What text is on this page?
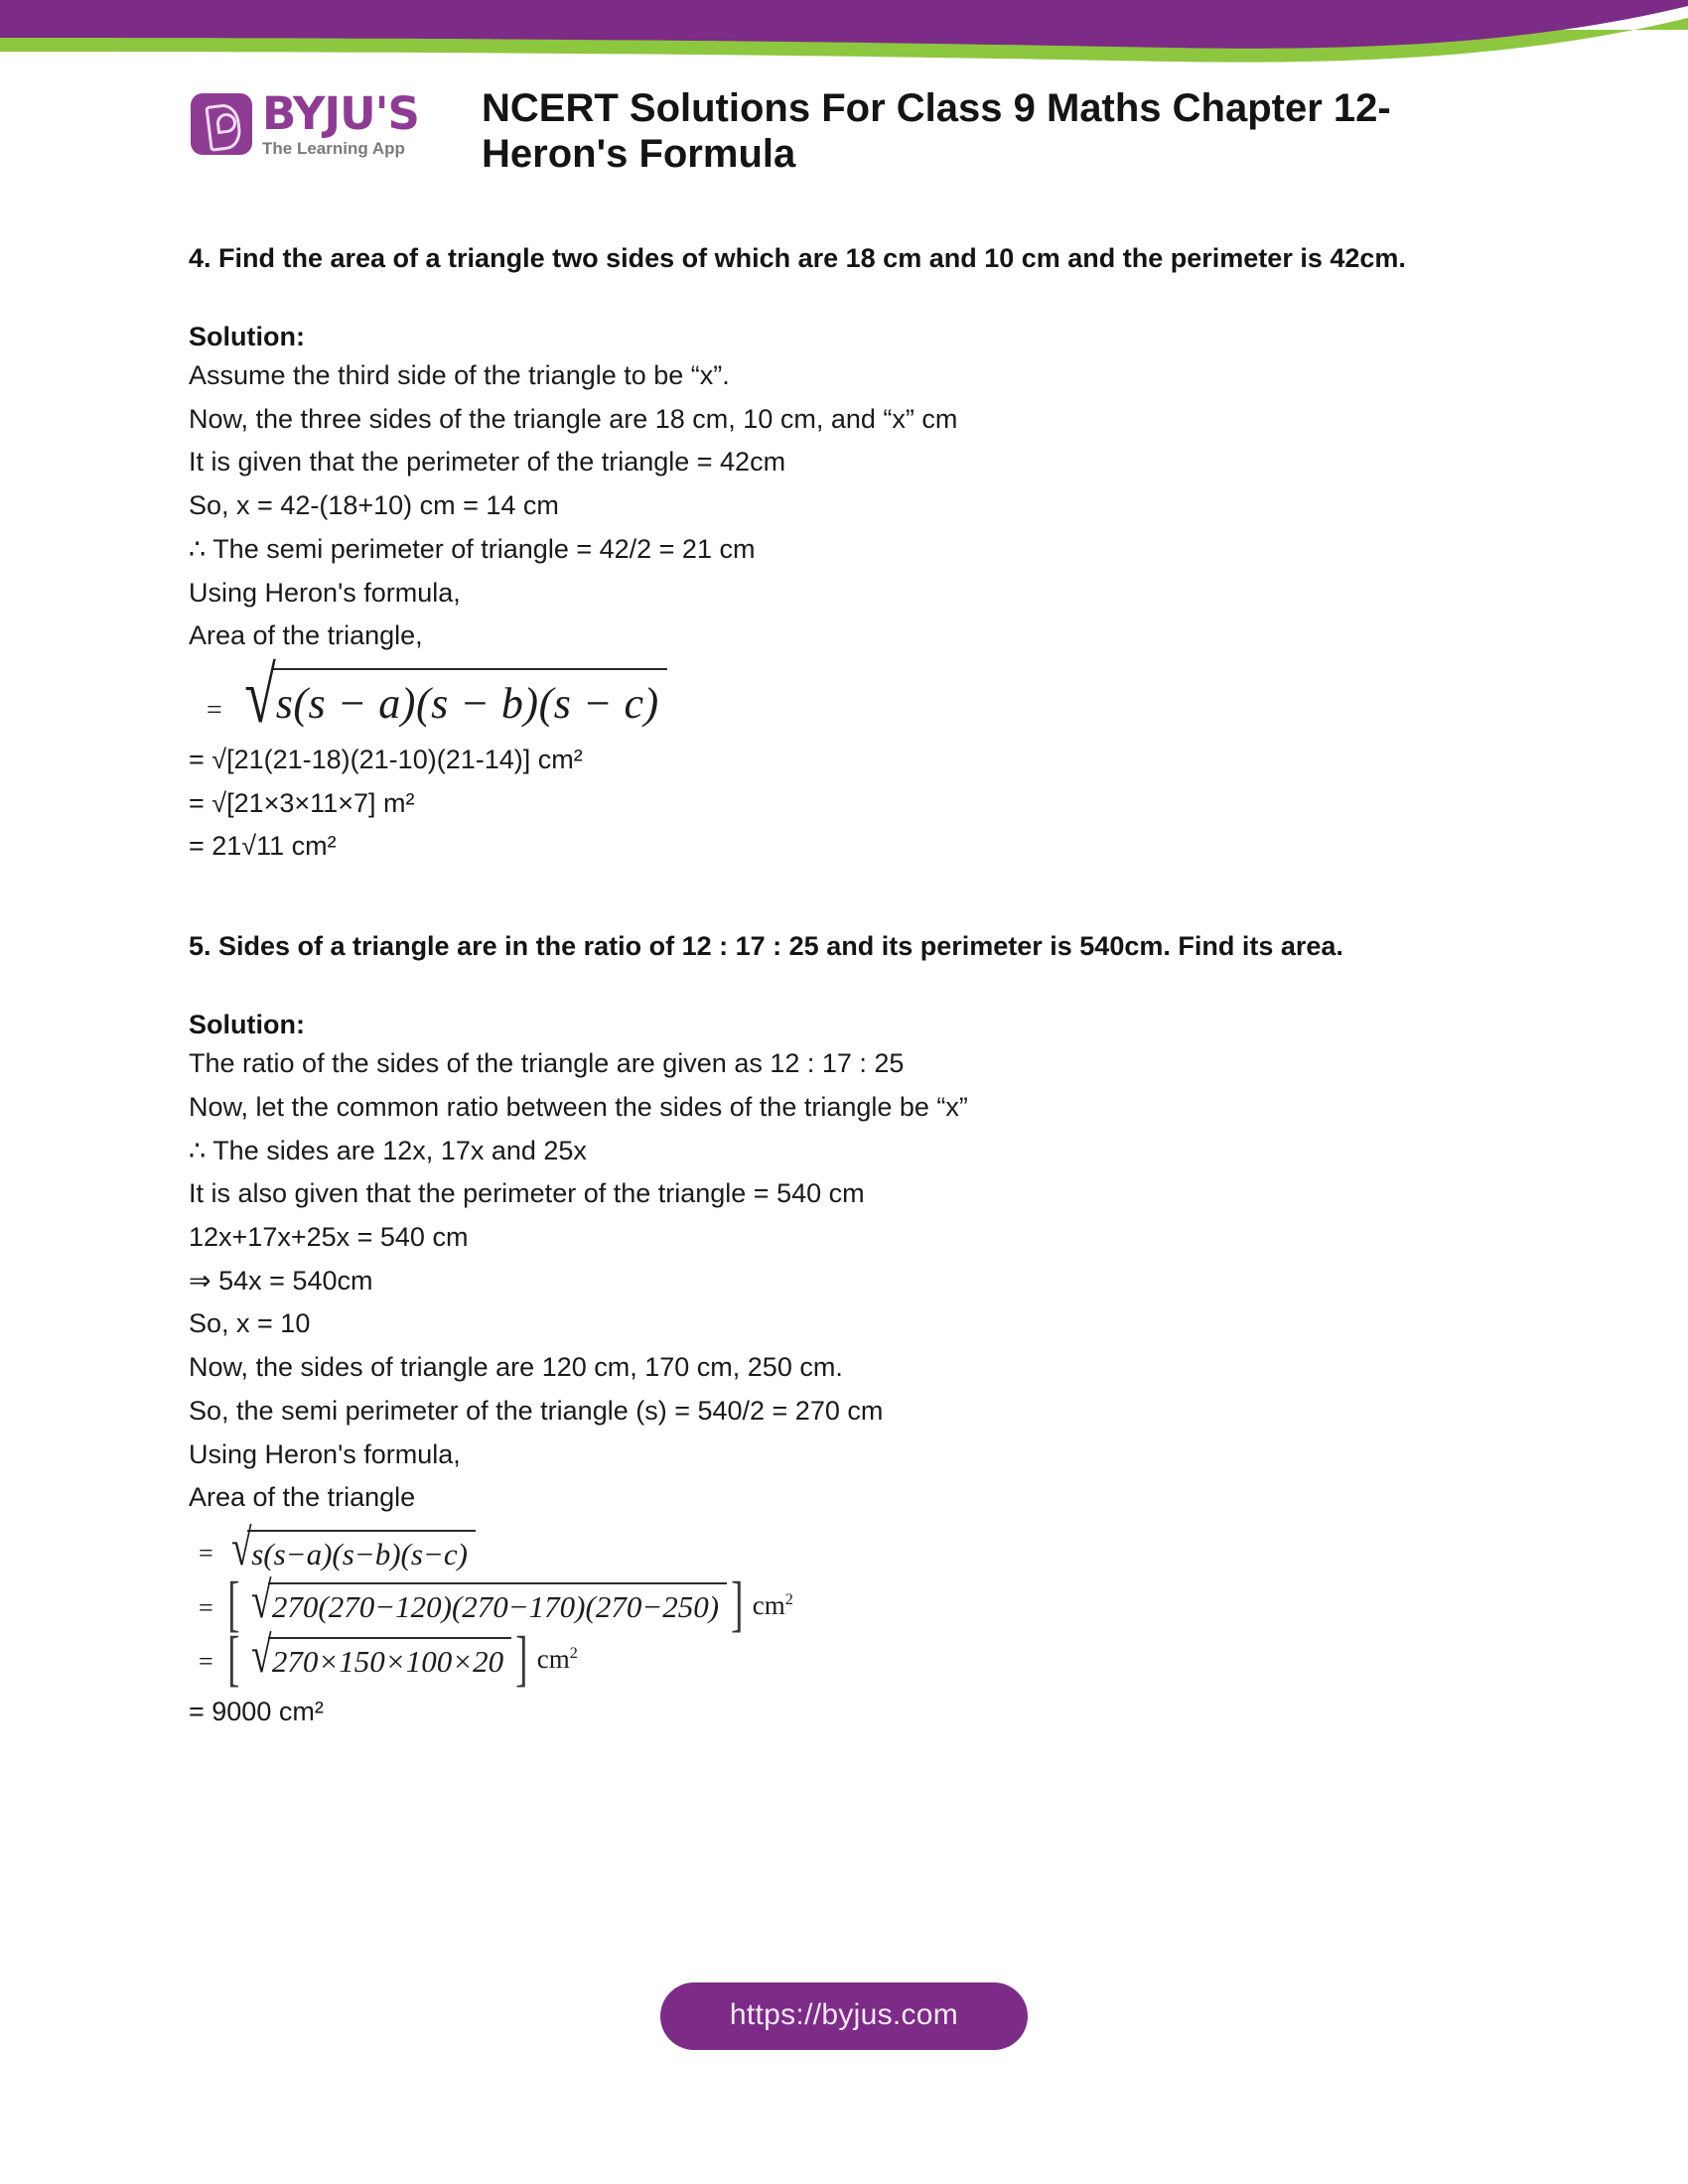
BYJU'S
The Learning App
NCERT Solutions For Class 9 Maths Chapter 12- Heron's Formula
4. Find the area of a triangle two sides of which are 18 cm and 10 cm and the perimeter is 42cm.
Solution:
Assume the third side of the triangle to be “x”.
Now, the three sides of the triangle are 18 cm, 10 cm, and “x” cm
It is given that the perimeter of the triangle = 42cm
So, x = 42-(18+10) cm = 14 cm
∴ The semi perimeter of triangle = 42/2 = 21 cm
Using Heron's formula,
Area of the triangle,
= √ s(s − a)(s − b)(s − c)
= √[21(21-18)(21-10)(21-14)] cm²
= √[21×3×11×7] m²
= 21√11 cm²
5. Sides of a triangle are in the ratio of 12 : 17 : 25 and its perimeter is 540cm. Find its area.
Solution:
The ratio of the sides of the triangle are given as 12 : 17 : 25
Now, let the common ratio between the sides of the triangle be “x”
∴ The sides are 12x, 17x and 25x
It is also given that the perimeter of the triangle = 540 cm
12x+17x+25x = 540 cm
⇒ 54x = 540cm
So, x = 10
Now, the sides of triangle are 120 cm, 170 cm, 250 cm.
So, the semi perimeter of the triangle (s) = 540/2 = 270 cm
Using Heron's formula,
Area of the triangle
= √ s(s−a)(s−b)(s−c)
= [ √ 270(270−120)(270−170)(270−250) ] $cm^2$
= [ √ 270×150×100×20 ] $cm^2$
= 9000 cm²
https://byjus.com
